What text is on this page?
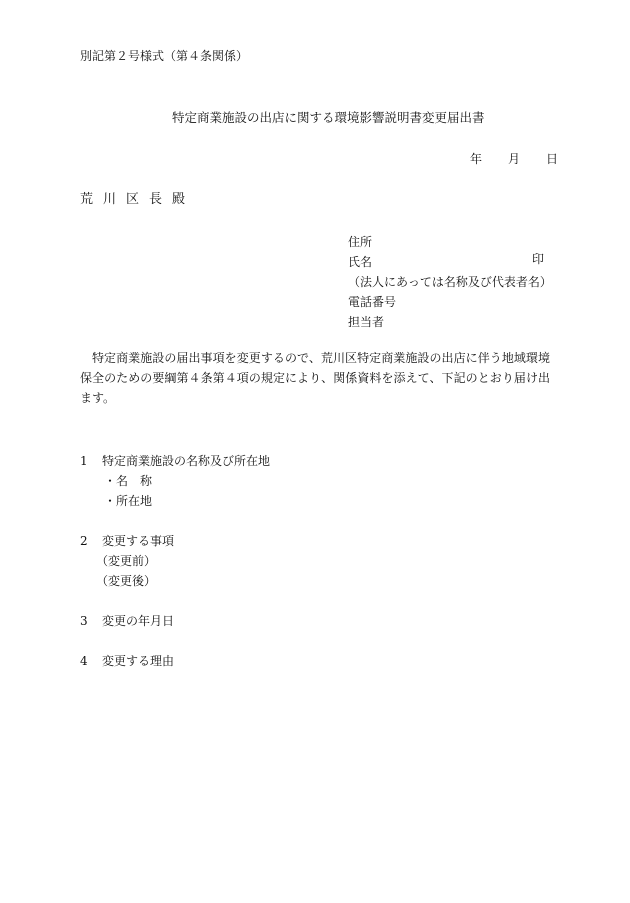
別記第２号様式（第４条関係）
特定商業施設の出店に関する環境影響説明書変更届出書
年 月 日
荒川区長殿
住所
氏名	印
（法人にあっては名称及び代表者名）
電話番号
担当者
特定商業施設の届出事項を変更するので、荒川区特定商業施設の出店に伴う地域環境保全のための要綱第４条第４項の規定により、関係資料を添えて、下記のとおり届け出ます。
1 特定商業施設の名称及び所在地
・名　称
・所在地
2 変更する事項
（変更前）
（変更後）
3 変更の年月日
4 変更する理由
